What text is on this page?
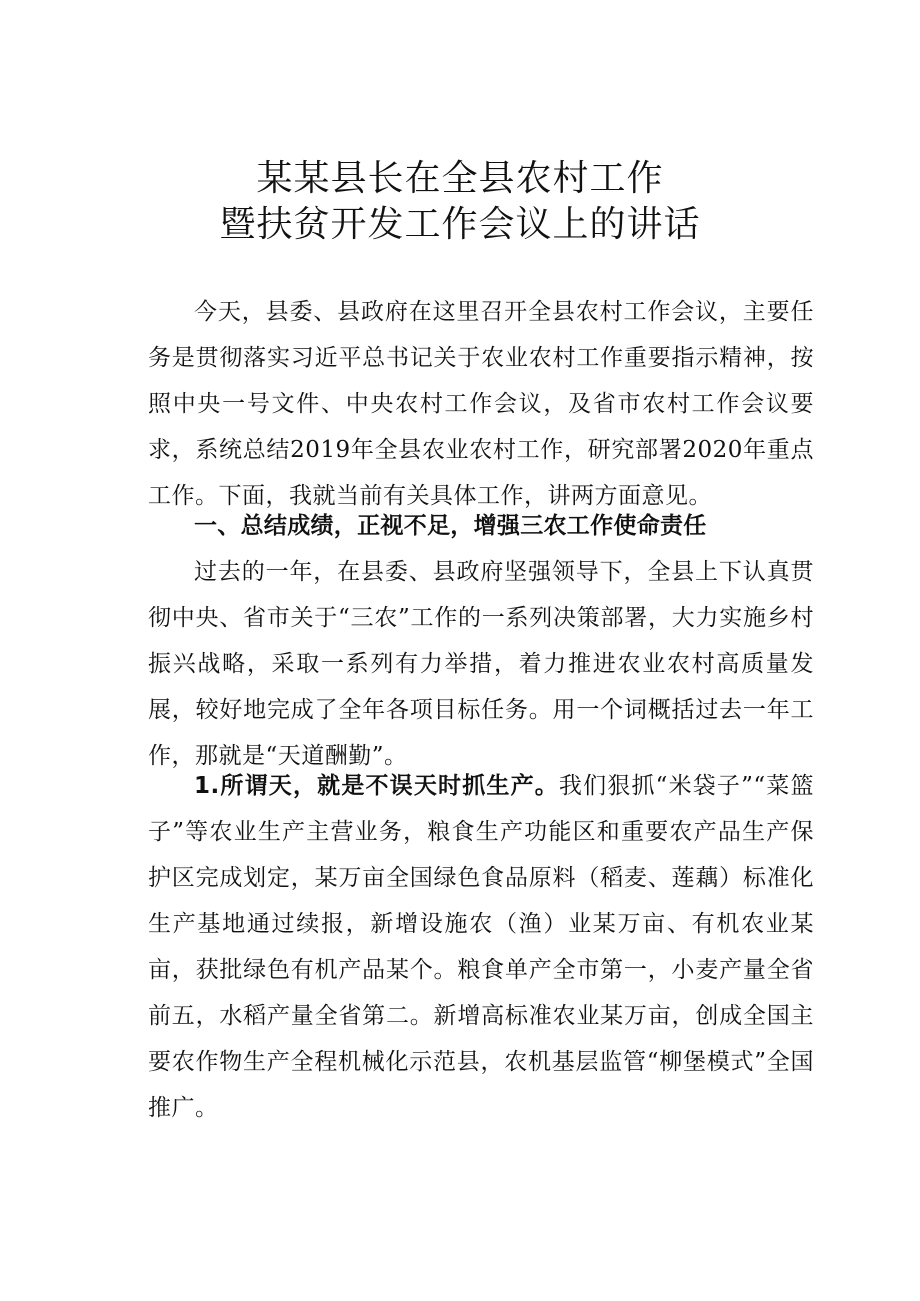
某某县长在全县农村工作
暨扶贫开发工作会议上的讲话

今天，县委、县政府在这里召开全县农村工作会议，主要任务是贯彻落实习近平总书记关于农业农村工作重要指示精神，按照中央一号文件、中央农村工作会议，及省市农村工作会议要求，系统总结2019年全县农业农村工作，研究部署2020年重点工作。下面，我就当前有关具体工作，讲两方面意见。

一、总结成绩，正视不足，增强三农工作使命责任

过去的一年，在县委、县政府坚强领导下，全县上下认真贯彻中央、省市关于“三农”工作的一系列决策部署，大力实施乡村振兴战略，采取一系列有力举措，着力推进农业农村高质量发展，较好地完成了全年各项目标任务。用一个词概括过去一年工作，那就是“天道酬勤”。

1.所谓天，就是不误天时抓生产。我们狠抓“米袋子”“菜篮子”等农业生产主营业务，粮食生产功能区和重要农产品生产保护区完成划定，某万亩全国绿色食品原料（稻麦、莲藕）标准化生产基地通过续报，新增设施农（渔）业某万亩、有机农业某亩，获批绿色有机产品某个。粮食单产全市第一，小麦产量全省前五，水稻产量全省第二。新增高标准农业某万亩，创成全国主要农作物生产全程机械化示范县，农机基层监管“柳堡模式”全国推广。
